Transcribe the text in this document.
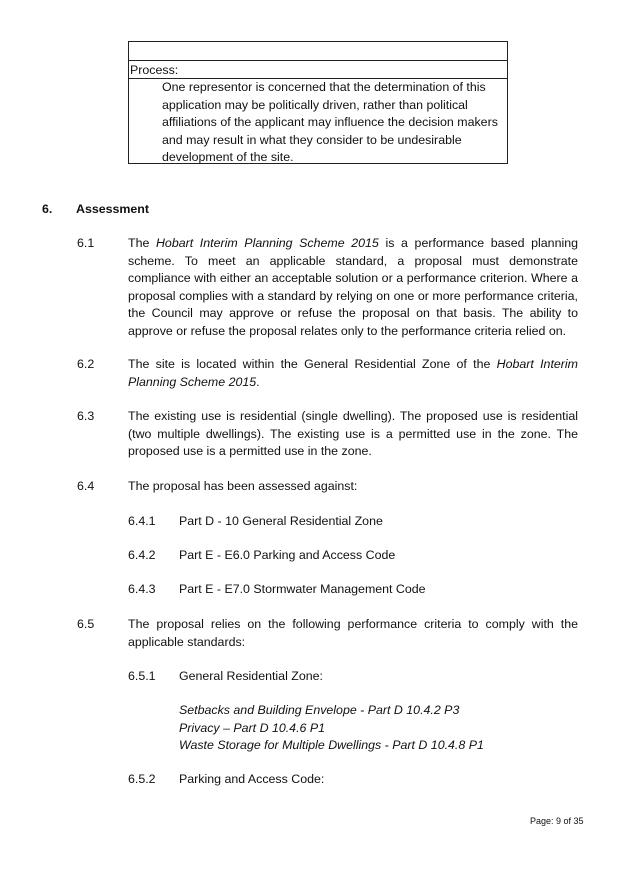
Process:
One representor is concerned that the determination of this
application may be politically driven, rather than political
affiliations of the applicant may influence the decision makers
and may result in what they consider to be undesirable
development of the site.
6. Assessment
6.1	The Hobart Interim Planning Scheme 2015 is a performance based planning scheme. To meet an applicable standard, a proposal must demonstrate compliance with either an acceptable solution or a performance criterion. Where a proposal complies with a standard by relying on one or more performance criteria, the Council may approve or refuse the proposal on that basis. The ability to approve or refuse the proposal relates only to the performance criteria relied on.
6.2	The site is located within the General Residential Zone of the Hobart Interim Planning Scheme 2015.
6.3	The existing use is residential (single dwelling). The proposed use is residential (two multiple dwellings). The existing use is a permitted use in the zone. The proposed use is a permitted use in the zone.
6.4	The proposal has been assessed against:
6.4.1 Part D - 10 General Residential Zone
6.4.2 Part E - E6.0 Parking and Access Code
6.4.3 Part E - E7.0 Stormwater Management Code
6.5	The proposal relies on the following performance criteria to comply with the applicable standards:
6.5.1 General Residential Zone:
Setbacks and Building Envelope - Part D 10.4.2 P3
Privacy – Part D 10.4.6 P1
Waste Storage for Multiple Dwellings - Part D 10.4.8 P1
6.5.2 Parking and Access Code:
Page: 9 of 35
